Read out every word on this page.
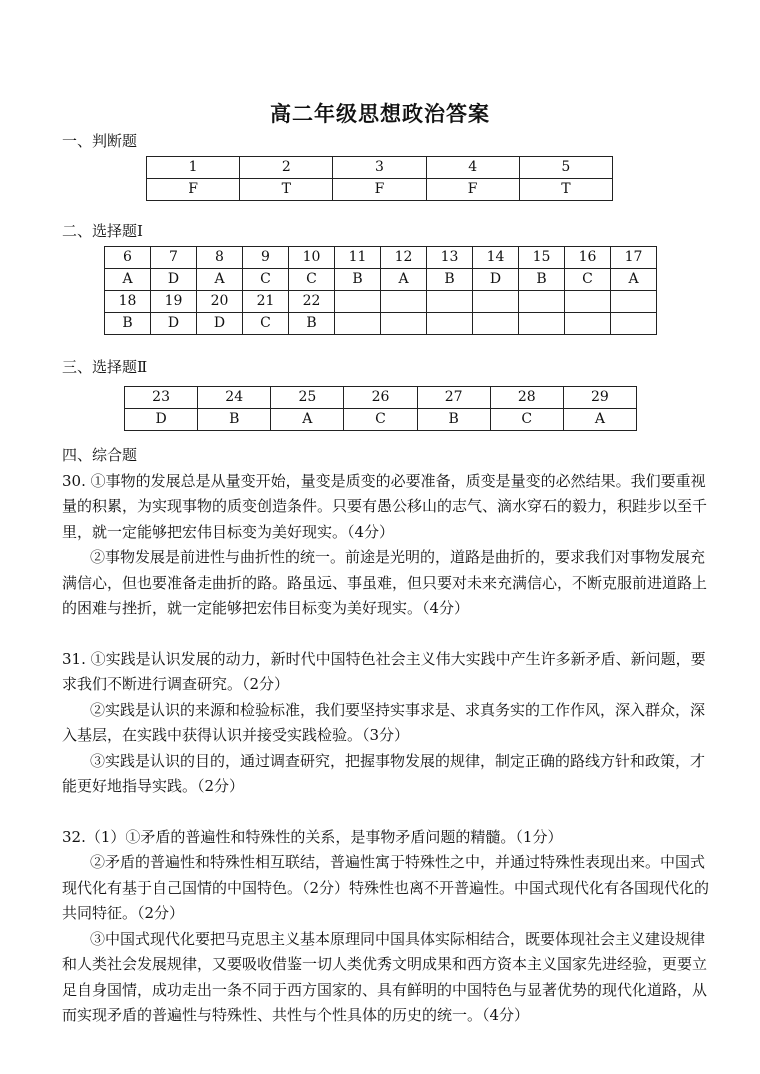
高二年级思想政治答案
一、判断题
1	2	3	4	5
F	T	F	F	T
二、选择题Ⅰ
6	7	8	9	10	11	12	13	14	15	16	17
A	D	A	C	C	B	A	B	D	B	C	A
18	19	20	21	22							
B	D	D	C	B							
三、选择题Ⅱ
23	24	25	26	27	28	29
D	B	A	C	B	C	A

四、综合题

30. ①事物的发展总是从量变开始，量变是质变的必要准备，质变是量变的必然结果。我们要重视量的积累，为实现事物的质变创造条件。只要有愚公移山的志气、滴水穿石的毅力，积跬步以至千里，就一定能够把宏伟目标变为美好现实。（4分）

②事物发展是前进性与曲折性的统一。前途是光明的，道路是曲折的，要求我们对事物发展充满信心，但也要准备走曲折的路。路虽远、事虽难，但只要对未来充满信心，不断克服前进道路上的困难与挫折，就一定能够把宏伟目标变为美好现实。（4分）

31. ①实践是认识发展的动力，新时代中国特色社会主义伟大实践中产生许多新矛盾、新问题，要求我们不断进行调查研究。（2分）

②实践是认识的来源和检验标准，我们要坚持实事求是、求真务实的工作作风，深入群众，深入基层，在实践中获得认识并接受实践检验。（3分）

③实践是认识的目的，通过调查研究，把握事物发展的规律，制定正确的路线方针和政策，才能更好地指导实践。（2分）

32.（1）①矛盾的普遍性和特殊性的关系，是事物矛盾问题的精髓。（1分）

②矛盾的普遍性和特殊性相互联结，普遍性寓于特殊性之中，并通过特殊性表现出来。中国式现代化有基于自己国情的中国特色。（2分）特殊性也离不开普遍性。中国式现代化有各国现代化的共同特征。（2分）

③中国式现代化要把马克思主义基本原理同中国具体实际相结合，既要体现社会主义建设规律和人类社会发展规律，又要吸收借鉴一切人类优秀文明成果和西方资本主义国家先进经验，更要立足自身国情，成功走出一条不同于西方国家的、具有鲜明的中国特色与显著优势的现代化道路，从而实现矛盾的普遍性与特殊性、共性与个性具体的历史的统一。（4分）
